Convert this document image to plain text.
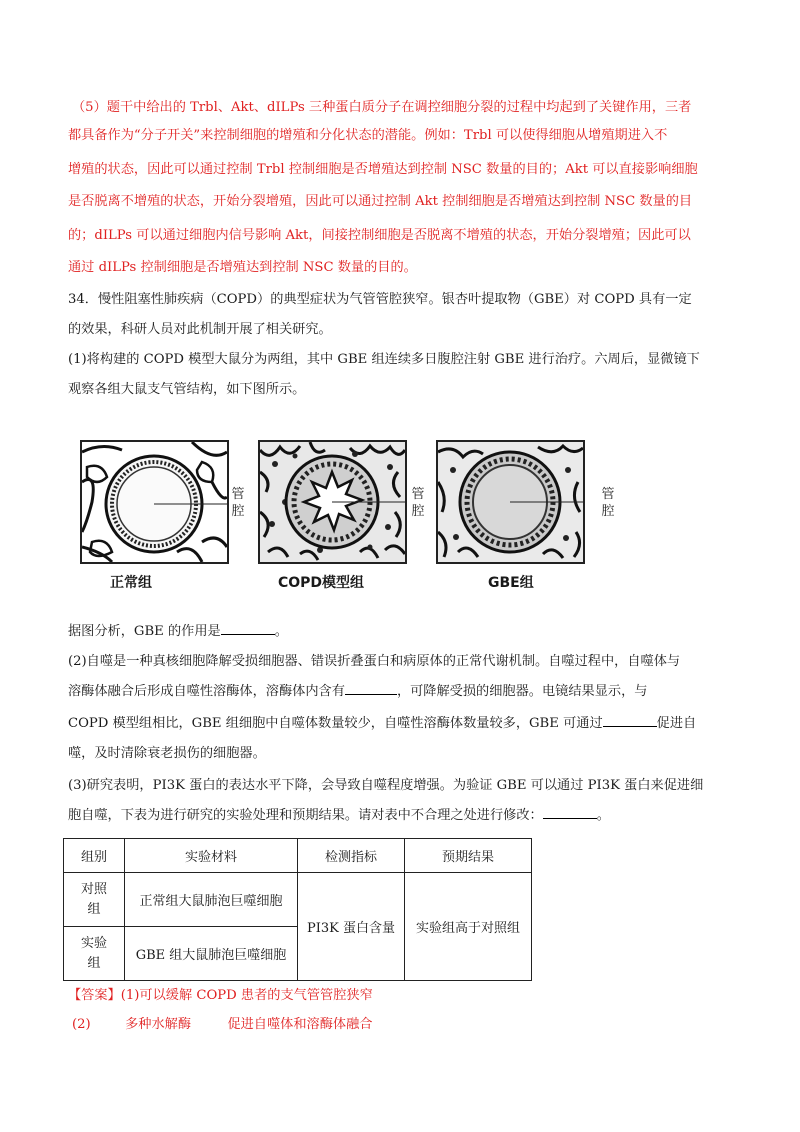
（5）题干中给出的 Trbl、Akt、dILPs 三种蛋白质分子在调控细胞分裂的过程中均起到了关键作用，三者

都具备作为“分子开关”来控制细胞的增殖和分化状态的潜能。例如：Trbl 可以使得细胞从增殖期进入不

增殖的状态，因此可以通过控制 Trbl 控制细胞是否增殖达到控制 NSC 数量的目的；Akt 可以直接影响细胞

是否脱离不增殖的状态，开始分裂增殖，因此可以通过控制 Akt 控制细胞是否增殖达到控制 NSC 数量的目

的；dILPs 可以通过细胞内信号影响 Akt，间接控制细胞是否脱离不增殖的状态，开始分裂增殖；因此可以

通过 dILPs 控制细胞是否增殖达到控制 NSC 数量的目的。

34．慢性阻塞性肺疾病（COPD）的典型症状为气管管腔狭窄。银杏叶提取物（GBE）对 COPD 具有一定

的效果，科研人员对此机制开展了相关研究。

(1)将构建的 COPD 模型大鼠分为两组，其中 GBE 组连续多日腹腔注射 GBE 进行治疗。六周后，显微镜下

观察各组大鼠支气管结构，如下图所示。

管腔
管腔
管腔
正常组	COPD模型组	GBE组

据图分析，GBE 的作用是	。

(2)自噬是一种真核细胞降解受损细胞器、错误折叠蛋白和病原体的正常代谢机制。自噬过程中，自噬体与

溶酶体融合后形成自噬性溶酶体，溶酶体内含有	，可降解受损的细胞器。电镜结果显示，与

COPD 模型组相比，GBE 组细胞中自噬体数量较少，自噬性溶酶体数量较多，GBE 可通过	促进自

噬，及时清除衰老损伤的细胞器。

(3)研究表明，PI3K 蛋白的表达水平下降，会导致自噬程度增强。为验证 GBE 可以通过 PI3K 蛋白来促进细

胞自噬，下表为进行研究的实验处理和预期结果。请对表中不合理之处进行修改：	。

组别	实验材料	检测指标	预期结果

对照组	正常组大鼠肺泡巨噬细胞	PI3K 蛋白含量	实验组高于对照组

实验组	GBE 组大鼠肺泡巨噬细胞		
【答案】(1)可以缓解 COPD 患者的支气管管腔狭窄
(2)	多种水解酶	促进自噬体和溶酶体融合
